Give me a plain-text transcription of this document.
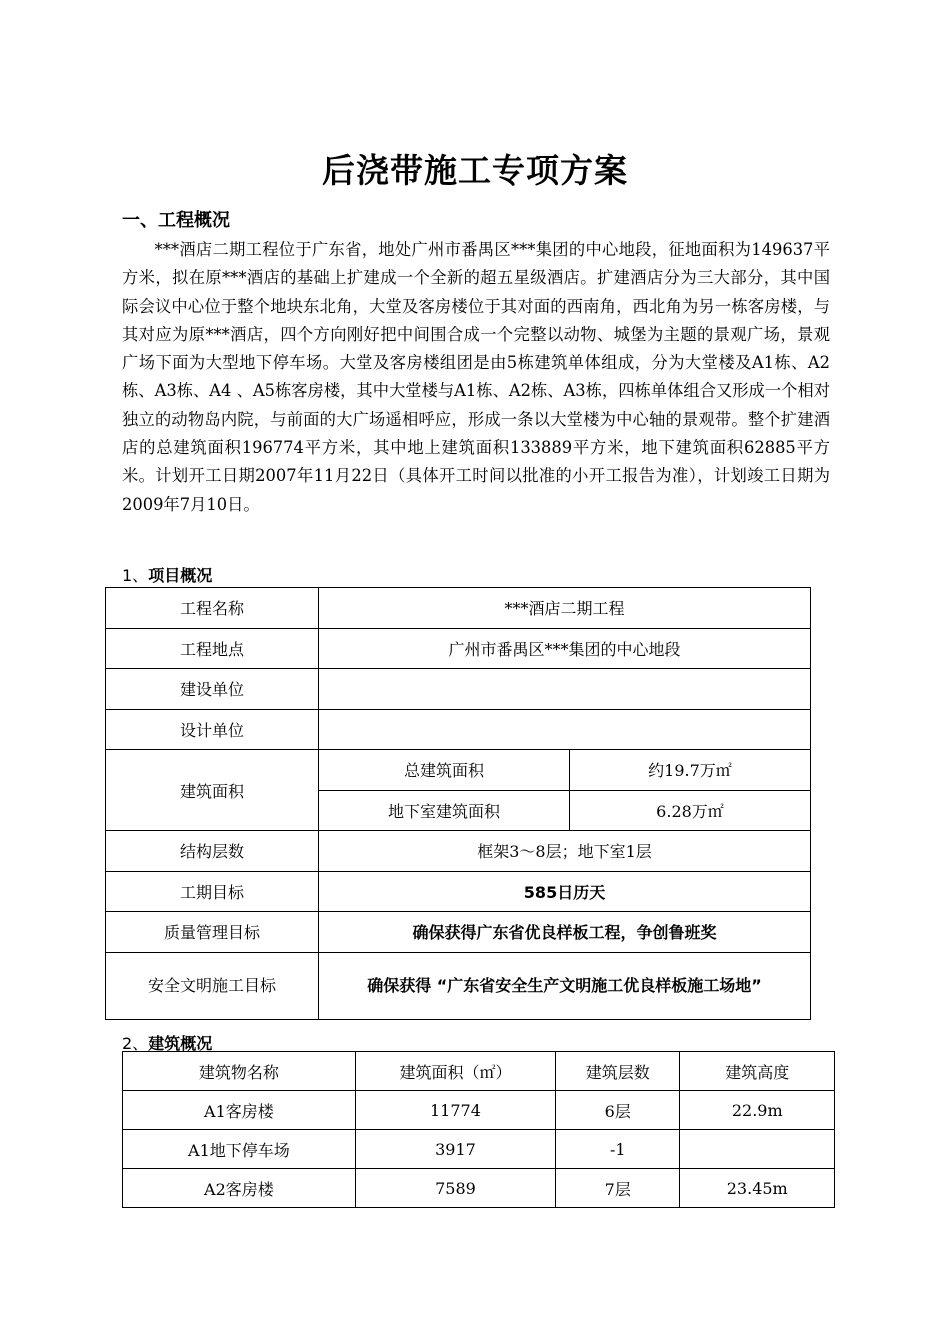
后浇带施工专项方案
一、工程概况
***酒店二期工程位于广东省，地处广州市番禺区***集团的中心地段，征地面积为149637平方米，拟在原***酒店的基础上扩建成一个全新的超五星级酒店。扩建酒店分为三大部分，其中国际会议中心位于整个地块东北角，大堂及客房楼位于其对面的西南角，西北角为另一栋客房楼，与其对应为原***酒店，四个方向刚好把中间围合成一个完整以动物、城堡为主题的景观广场，景观广场下面为大型地下停车场。大堂及客房楼组团是由5栋建筑单体组成，分为大堂楼及A1栋、A2栋、A3栋、A4 、A5栋客房楼，其中大堂楼与A1栋、A2栋、A3栋，四栋单体组合又形成一个相对独立的动物岛内院，与前面的大广场遥相呼应，形成一条以大堂楼为中心轴的景观带。整个扩建酒店的总建筑面积196774平方米，其中地上建筑面积133889平方米，地下建筑面积62885平方米。计划开工日期2007年11月22日（具体开工时间以批准的小开工报告为准），计划竣工日期为2009年7月10日。
1、项目概况
工程名称	***酒店二期工程	
工程地点	广州市番禺区***集团的中心地段	
建设单位		
设计单位		
建筑面积	总建筑面积	约19.7万㎡
	地下室建筑面积	6.28万㎡
结构层数	框架3～8层；地下室1层	
工期目标	585日历天	
质量管理目标	确保获得广东省优良样板工程，争创鲁班奖	
安全文明施工目标	确保获得 “广东省安全生产文明施工优良样板施工场地”	
2、建筑概况
建筑物名称	建筑面积（㎡）	建筑层数	建筑高度
A1客房楼	11774	6层	22.9m
A1地下停车场	3917	-1	
A2客房楼	7589	7层	23.45m
